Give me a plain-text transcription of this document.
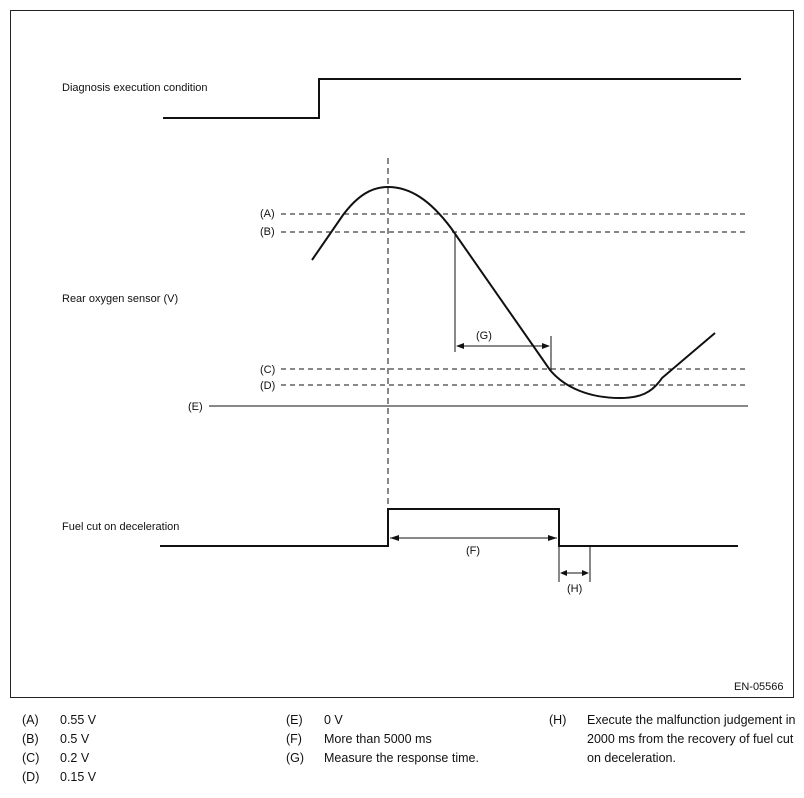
Diagnosis execution condition
Rear oxygen sensor (V)
(A)
(B)
(C)
(D)
(E)
(G)
Fuel cut on deceleration
(F)
(H)
EN-05566
(A)	0.55 V
(B)	0.5 V
(C)	0.2 V
(D)	0.15 V
(E)	0 V
(F)	More than 5000 ms
(G)	Measure the response time.
(H)	Execute the malfunction judgement in 2000 ms from the recovery of fuel cut on deceleration.
